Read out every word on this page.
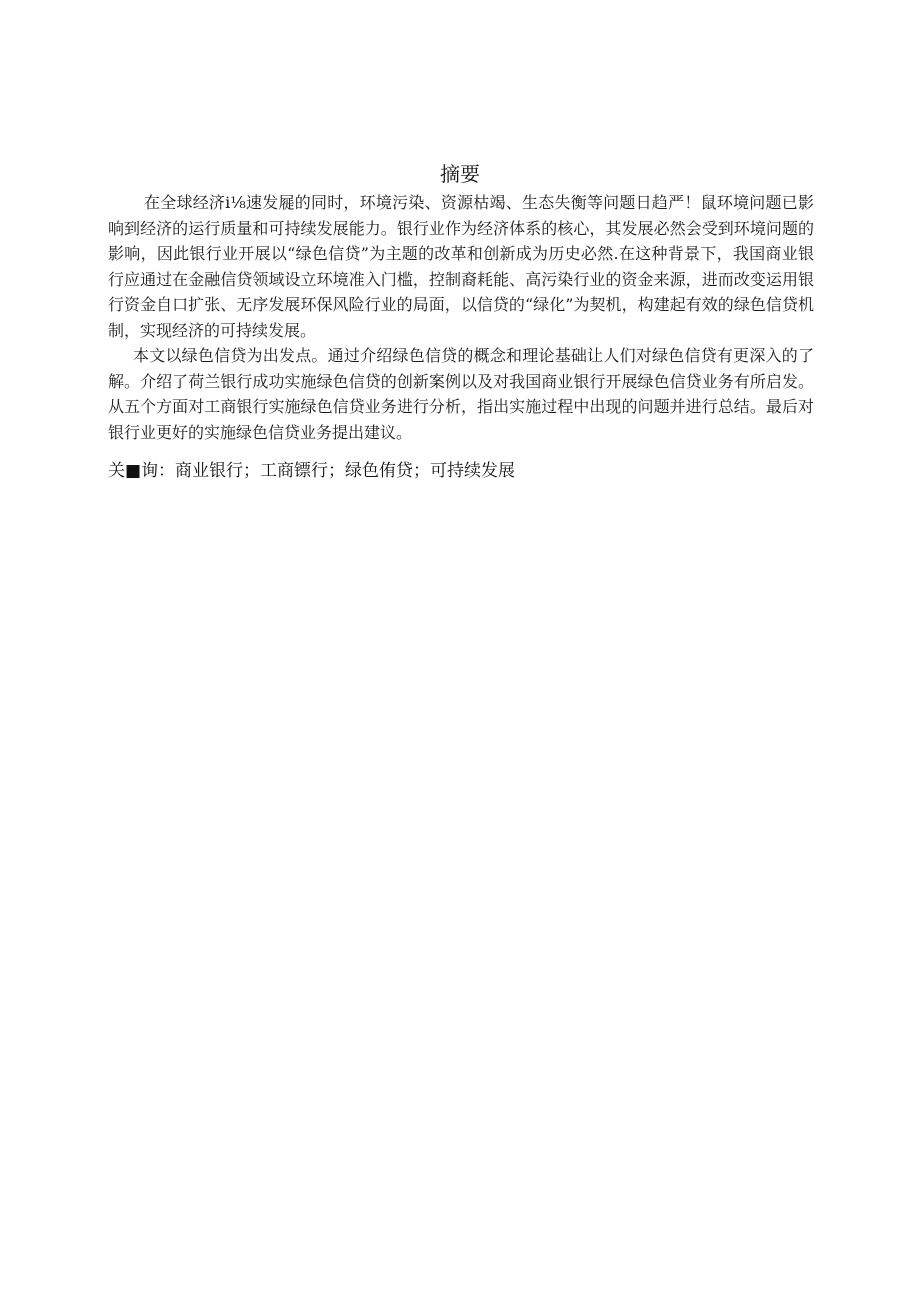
摘要

在全球经济i⅛速发屣的同时，环境污染、资源枯竭、生态失衡等问题日趋严！鼠环境问题已影响到经济的运行质量和可持续发展能力。银行业作为经济体系的核心，其发展必然会受到环境问题的影响，因此银行业开展以“绿色信贷”为主题的改革和创新成为历史必然.在这种背景下，我国商业银行应通过在金融信贷领域设立环境准入门槛，控制裔耗能、高污染行业的资金来源，进而改变运用银行资金自口扩张、无序发展环保风险行业的局面，以信贷的“绿化”为契机，构建起有效的绿色信贷机制，实现经济的可持续发展。

本文以绿色信贷为出发点。通过介绍绿色信贷的概念和理论基础让人们对绿色信贷有更深入的了解。介绍了荷兰银行成功实施绿色信贷的创新案例以及对我国商业银行开展绿色信贷业务有所启发。从五个方面对工商银行实施绿色信贷业务进行分析，指出实施过程中出现的问题并进行总结。最后对银行业更好的实施绿色信贷业务提出建议。

关■询：商业银行；工商镖行；绿色侑贷；可持续发展
